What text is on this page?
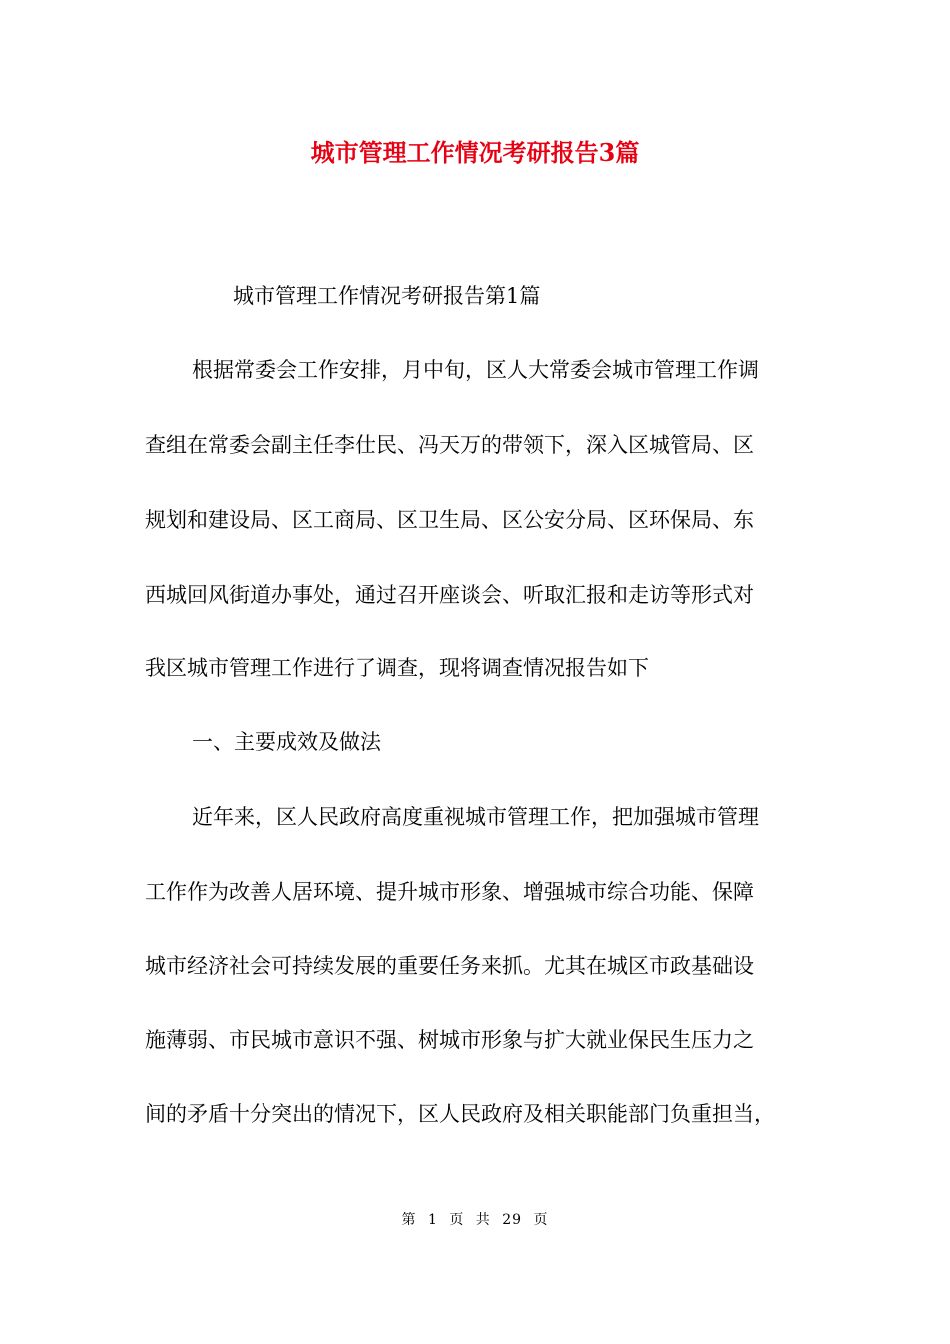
城市管理工作情况考研报告3篇

城市管理工作情况考研报告第1篇

根据常委会工作安排，月中旬，区人大常委会城市管理工作调

查组在常委会副主任李仕民、冯天万的带领下，深入区城管局、区

规划和建设局、区工商局、区卫生局、区公安分局、区环保局、东

西城回风街道办事处，通过召开座谈会、听取汇报和走访等形式对

我区城市管理工作进行了调查，现将调查情况报告如下

一、主要成效及做法

近年来，区人民政府高度重视城市管理工作，把加强城市管理

工作作为改善人居环境、提升城市形象、增强城市综合功能、保障

城市经济社会可持续发展的重要任务来抓。尤其在城区市政基础设

施薄弱、市民城市意识不强、树城市形象与扩大就业保民生压力之

间的矛盾十分突出的情况下，区人民政府及相关职能部门负重担当，

第 1 页 共 29 页
